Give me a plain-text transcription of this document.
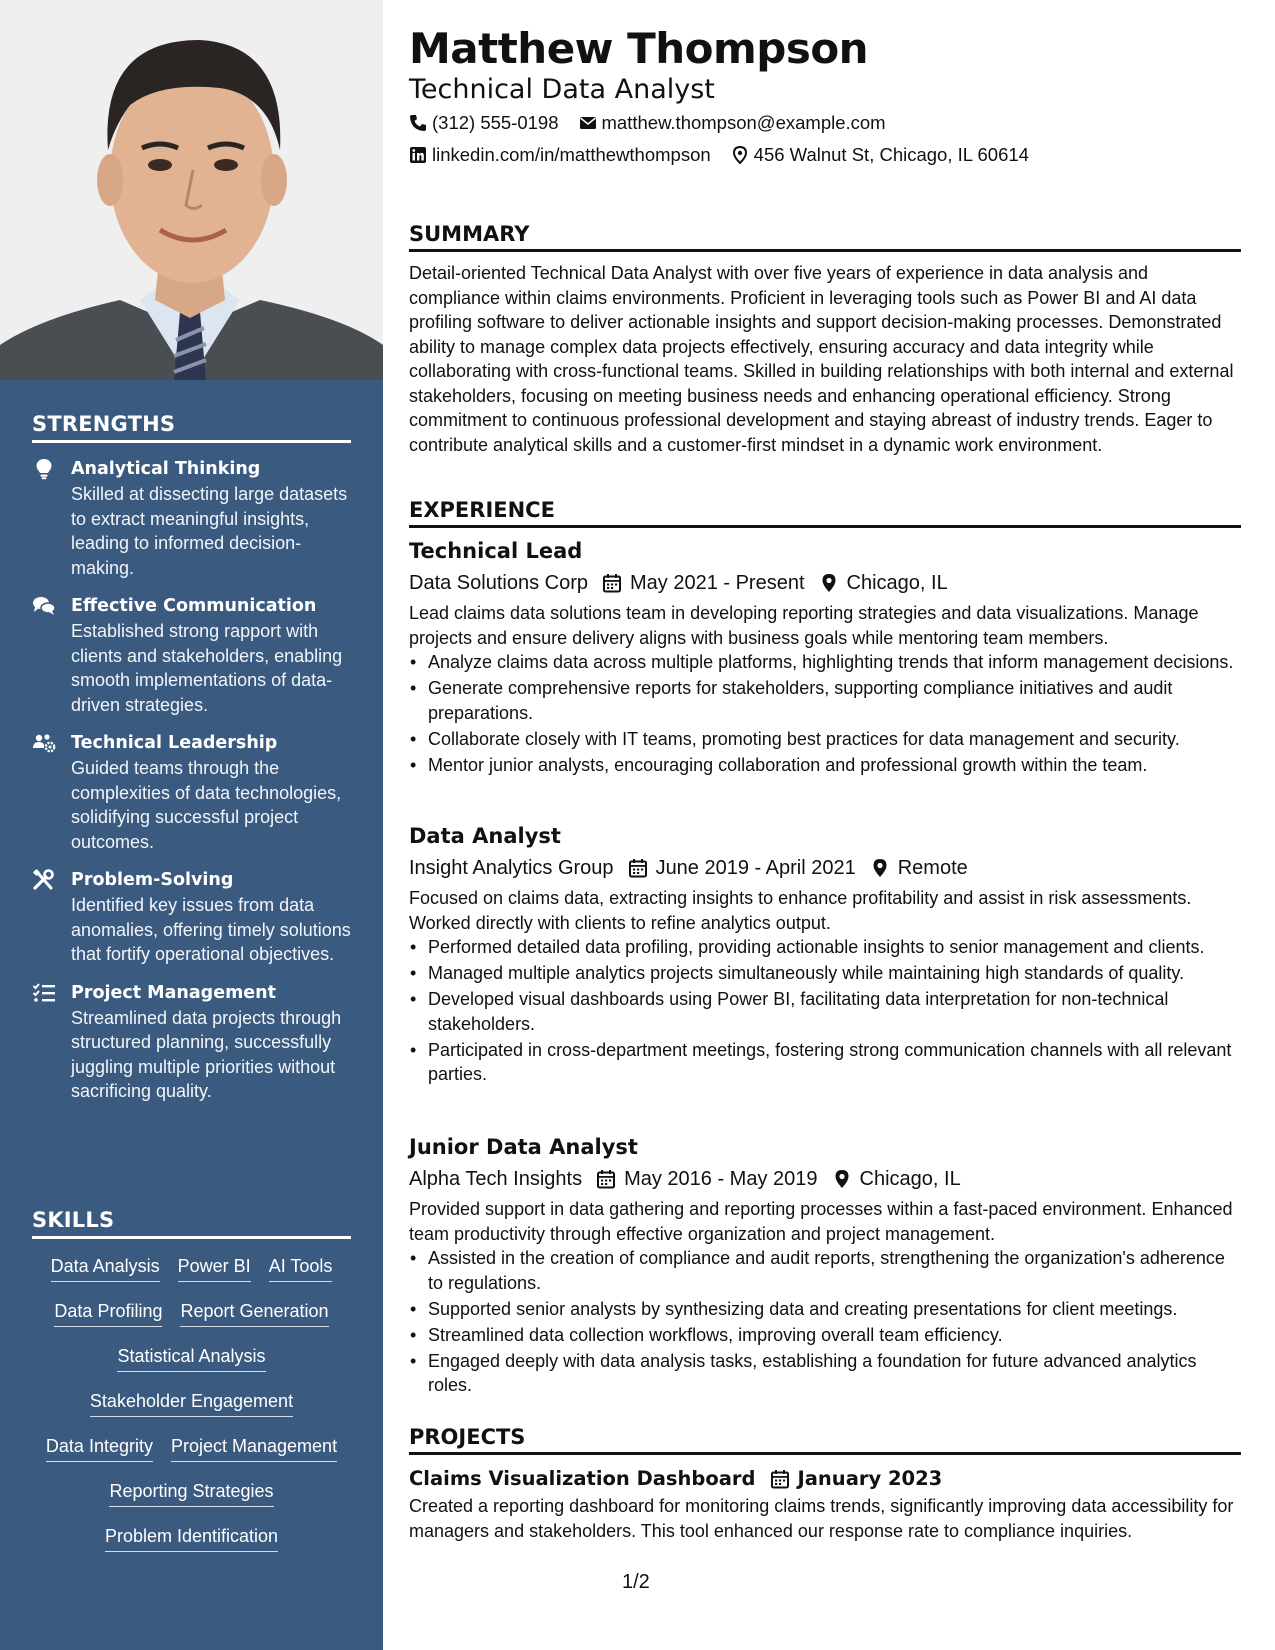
STRENGTHS
Analytical Thinking
Skilled at dissecting large datasets to extract meaningful insights, leading to informed decision-making.
Effective Communication
Established strong rapport with clients and stakeholders, enabling smooth implementations of data-driven strategies.
Technical Leadership
Guided teams through the complexities of data technologies, solidifying successful project outcomes.
Problem-Solving
Identified key issues from data anomalies, offering timely solutions that fortify operational objectives.
Project Management
Streamlined data projects through structured planning, successfully juggling multiple priorities without sacrificing quality.
SKILLS
Data Analysis Power BI AI Tools
Data Profiling Report Generation
Statistical Analysis
Stakeholder Engagement
Data Integrity Project Management
Reporting Strategies
Problem Identification
Matthew Thompson
Technical Data Analyst
(312) 555-0198 matthew.thompson@example.com
linkedin.com/in/matthewthompson 456 Walnut St, Chicago, IL 60614
SUMMARY

Detail-oriented Technical Data Analyst with over five years of experience in data analysis and compliance within claims environments. Proficient in leveraging tools such as Power BI and AI data profiling software to deliver actionable insights and support decision-making processes. Demonstrated ability to manage complex data projects effectively, ensuring accuracy and data integrity while collaborating with cross-functional teams. Skilled in building relationships with both internal and external stakeholders, focusing on meeting business needs and enhancing operational efficiency. Strong commitment to continuous professional development and staying abreast of industry trends. Eager to contribute analytical skills and a customer-first mindset in a dynamic work environment.

EXPERIENCE
Technical Lead
Data Solutions Corp May 2021 - Present Chicago, IL

Lead claims data solutions team in developing reporting strategies and data visualizations. Manage projects and ensure delivery aligns with business goals while mentoring team members.

• Analyze claims data across multiple platforms, highlighting trends that inform management decisions.
• Generate comprehensive reports for stakeholders, supporting compliance initiatives and audit preparations.
• Collaborate closely with IT teams, promoting best practices for data management and security.
• Mentor junior analysts, encouraging collaboration and professional growth within the team.
Data Analyst
Insight Analytics Group June 2019 - April 2021 Remote

Focused on claims data, extracting insights to enhance profitability and assist in risk assessments. Worked directly with clients to refine analytics output.

• Performed detailed data profiling, providing actionable insights to senior management and clients.
• Managed multiple analytics projects simultaneously while maintaining high standards of quality.
• Developed visual dashboards using Power BI, facilitating data interpretation for non-technical stakeholders.
• Participated in cross-department meetings, fostering strong communication channels with all relevant parties.
Junior Data Analyst
Alpha Tech Insights May 2016 - May 2019 Chicago, IL

Provided support in data gathering and reporting processes within a fast-paced environment. Enhanced team productivity through effective organization and project management.

• Assisted in the creation of compliance and audit reports, strengthening the organization's adherence to regulations.
• Supported senior analysts by synthesizing data and creating presentations for client meetings.
• Streamlined data collection workflows, improving overall team efficiency.
• Engaged deeply with data analysis tasks, establishing a foundation for future advanced analytics roles.
PROJECTS
Claims Visualization Dashboard January 2023

Created a reporting dashboard for monitoring claims trends, significantly improving data accessibility for managers and stakeholders. This tool enhanced our response rate to compliance inquiries.

1/2
